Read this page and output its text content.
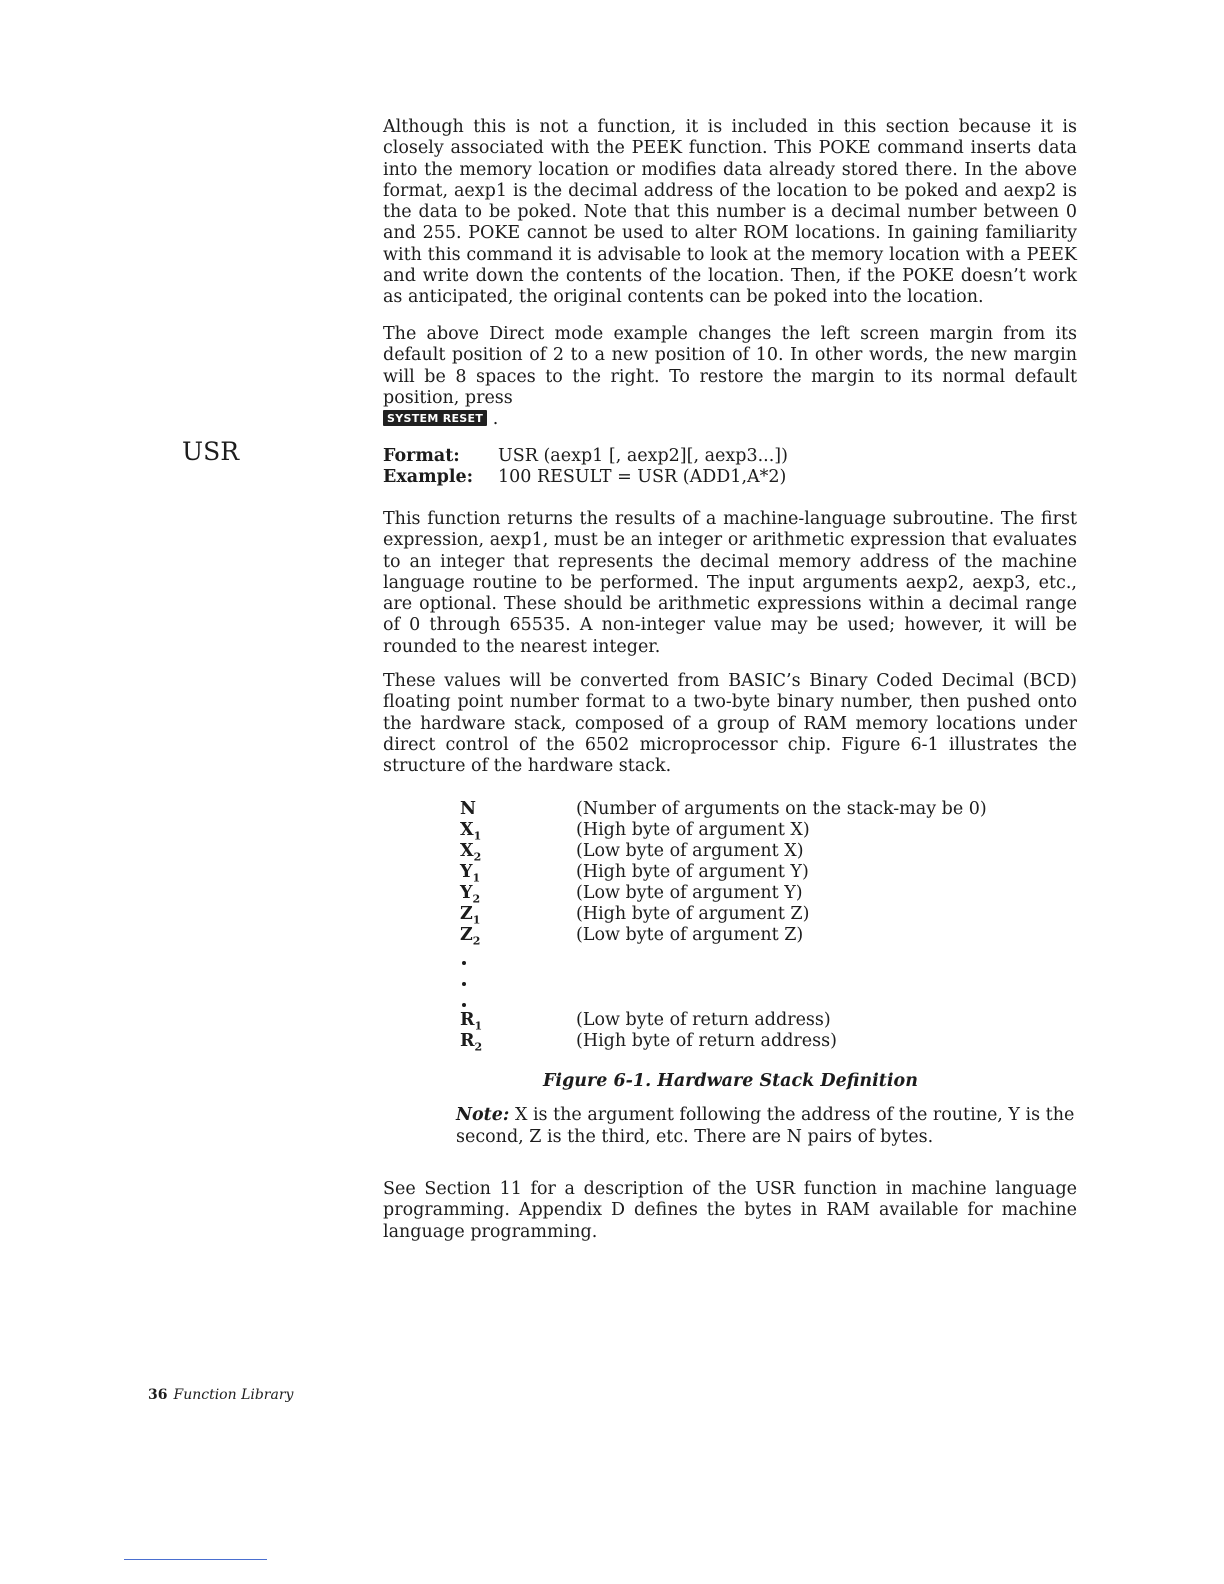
Although this is not a function, it is included in this section because it is closely associated with the PEEK function. This POKE command inserts data into the memory location or modifies data already stored there. In the above format, aexp1 is the decimal address of the location to be poked and aexp2 is the data to be poked. Note that this number is a decimal number between 0 and 255. POKE cannot be used to alter ROM locations. In gaining familiarity with this command it is advisable to look at the memory location with a PEEK and write down the contents of the location. Then, if the POKE doesn’t work as anticipated, the original contents can be poked into the location.

The above Direct mode example changes the left screen margin from its default position of 2 to a new position of 10. In other words, the new margin will be 8 spaces to the right. To restore the margin to its normal default position, press
SYSTEM RESET .

USR	Format: USR (aexp1 [, aexp2][, aexp3...])
Example: 100 RESULT = USR (ADD1,A*2)

This function returns the results of a machine-language subroutine. The first expression, aexp1, must be an integer or arithmetic expression that evaluates to an integer that represents the decimal memory address of the machine language routine to be performed. The input arguments aexp2, aexp3, etc., are optional. These should be arithmetic expressions within a decimal range of 0 through 65535. A non-integer value may be used; however, it will be rounded to the nearest integer.

These values will be converted from BASIC’s Binary Coded Decimal (BCD) floating point number format to a two-byte binary number, then pushed onto the hardware stack, composed of a group of RAM memory locations under direct control of the 6502 microprocessor chip. Figure 6-1 illustrates the structure of the hardware stack.

N	(Number of arguments on the stack-may be 0)
$X_1$	(High byte of argument X)
$X_2$	(Low byte of argument X)
$Y_1$	(High byte of argument Y)
$Y_2$	(Low byte of argument Y)
$Z_1$	(High byte of argument Z)
$Z_2$	(Low byte of argument Z)
$R_1$	(Low byte of return address)
$R_2$	(High byte of return address)

Figure 6-1. Hardware Stack Definition

Note: X is the argument following the address of the routine, Y is the second, Z is the third, etc. There are N pairs of bytes.

See Section 11 for a description of the USR function in machine language programming. Appendix D defines the bytes in RAM available for machine language programming.

36 Function Library
